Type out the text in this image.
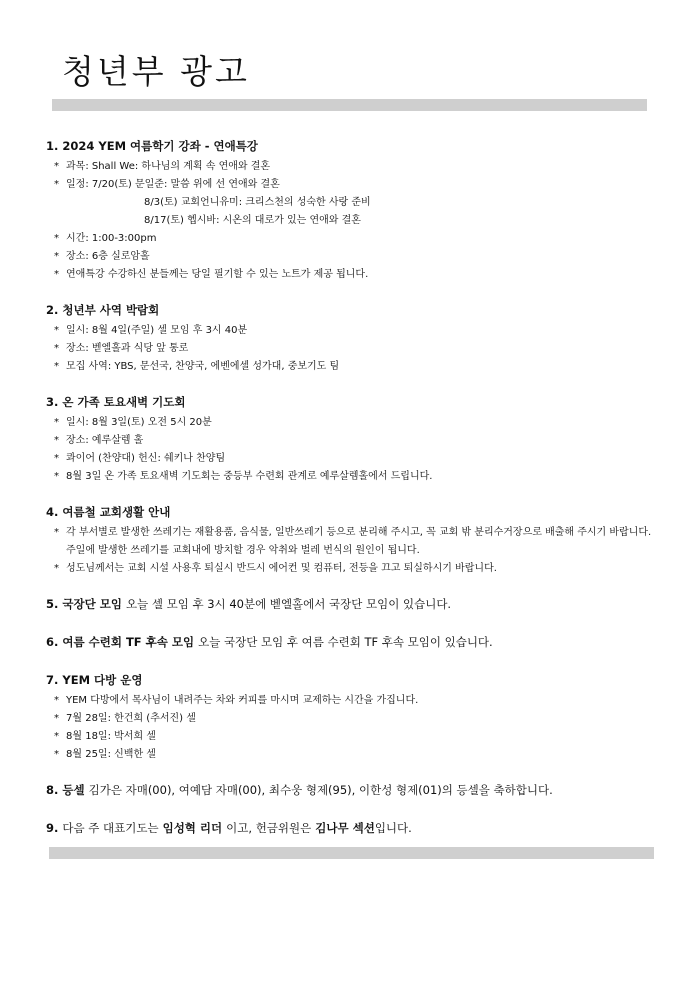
청년부 광고
1. 2024 YEM 여름학기 강좌 - 연애특강
* 과목: Shall We: 하나님의 계획 속 연애와 결혼
* 일정: 7/20(토) 문일준: 말씀 위에 선 연애와 결혼
8/3(토) 교회언니유미: 크리스천의 성숙한 사랑 준비
8/17(토) 헵시바: 시온의 대로가 있는 연애와 결혼
* 시간: 1:00-3:00pm
* 장소: 6층 실로암홀
* 연애특강 수강하신 분들께는 당일 필기할 수 있는 노트가 제공 됩니다.
2. 청년부 사역 박람회
* 일시: 8월 4일(주일) 셀 모임 후 3시 40분
* 장소: 벧엘홀과 식당 앞 통로
* 모집 사역: YBS, 문선국, 찬양국, 에벤에셀 성가대, 중보기도 팀
3. 온 가족 토요새벽 기도회
* 일시: 8월 3일(토) 오전 5시 20분
* 장소: 예루살렘 홀
* 콰이어 (찬양대) 헌신: 쉐키나 찬양팀
* 8월 3일 온 가족 토요새벽 기도회는 중등부 수련회 관계로 예루살렘홀에서 드립니다.
4. 여름철 교회생활 안내
* 각 부서별로 발생한 쓰레기는 재활용품, 음식물, 일반쓰레기 등으로 분리해 주시고, 꼭 교회 밖 분리수거장으로 배출해 주시기 바랍니다. 주일에 발생한 쓰레기를 교회내에 방치할 경우 악취와 벌레 번식의 원인이 됩니다.
* 성도님께서는 교회 시설 사용후 퇴실시 반드시 에어컨 및 컴퓨터, 전등을 끄고 퇴실하시기 바랍니다.
5. 국장단 모임 오늘 셀 모임 후 3시 40분에 벧엘홀에서 국장단 모임이 있습니다.
6. 여름 수련회 TF 후속 모임 오늘 국장단 모임 후 여름 수련회 TF 후속 모임이 있습니다.
7. YEM 다방 운영
* YEM 다방에서 목사님이 내려주는 차와 커피를 마시며 교제하는 시간을 가집니다.
* 7월 28일: 한건희 (추서진) 셀
* 8월 18일: 박서희 셀
* 8월 25일: 신백한 셀
8. 등셀 김가은 자매(00), 여예담 자매(00), 최수웅 형제(95), 이한성 형제(01)의 등셀을 축하합니다.
9. 다음 주 대표기도는 임성혁 리더 이고, 헌금위원은 김나무 섹션입니다.
